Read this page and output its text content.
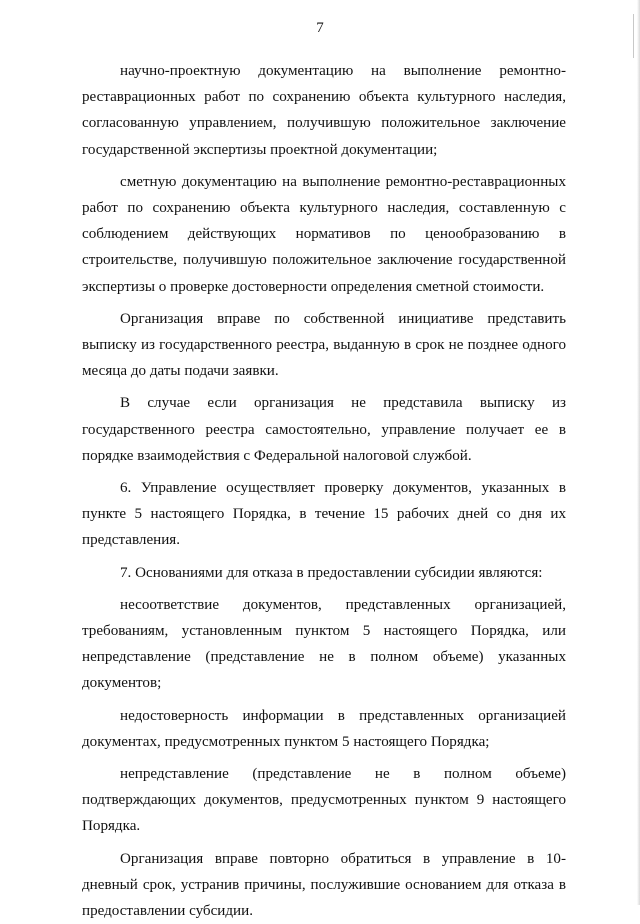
7

научно-проектную документацию на выполнение ремонтно-реставрационных работ по сохранению объекта культурного наследия, согласованную управлением, получившую положительное заключение государственной экспертизы проектной документации;

сметную документацию на выполнение ремонтно-реставрационных работ по сохранению объекта культурного наследия, составленную с соблюдением действующих нормативов по ценообразованию в строительстве, получившую положительное заключение государственной экспертизы о проверке достоверности определения сметной стоимости.

Организация вправе по собственной инициативе представить выписку из государственного реестра, выданную в срок не позднее одного месяца до даты подачи заявки.

В случае если организация не представила выписку из государственного реестра самостоятельно, управление получает ее в порядке взаимодействия с Федеральной налоговой службой.

6. Управление осуществляет проверку документов, указанных в пункте 5 настоящего Порядка, в течение 15 рабочих дней со дня их представления.

7. Основаниями для отказа в предоставлении субсидии являются:

несоответствие документов, представленных организацией, требованиям, установленным пунктом 5 настоящего Порядка, или непредставление (представление не в полном объеме) указанных документов;

недостоверность информации в представленных организацией документах, предусмотренных пунктом 5 настоящего Порядка;

непредставление (представление не в полном объеме) подтверждающих документов, предусмотренных пунктом 9 настоящего Порядка.

Организация вправе повторно обратиться в управление в 10-дневный срок, устранив причины, послужившие основанием для отказа в предоставлении субсидии.
